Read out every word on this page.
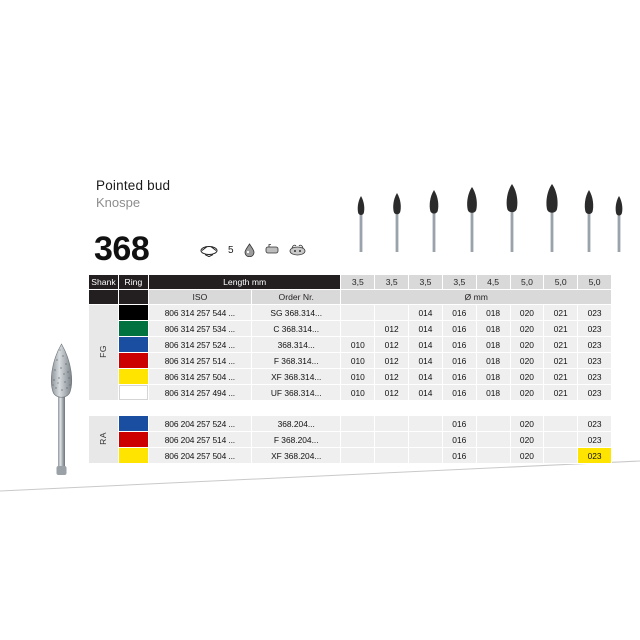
Pointed bud
Knospe
368	5
Shank	Ring	Length mm		3,5	3,5	3,5	3,5	4,5	5,0	5,0	5,0
		ISO	Order Nr.	Ø mm							
FG		806 314 257 544 ...	SG 368.314...			014	016	018	020	021	023

		806 314 257 534 ...	C 368.314...		012	014	016	018	020	021	023

		806 314 257 524 ...	368.314...	010	012	014	016	018	020	021	023

		806 314 257 514 ...	F 368.314...	010	012	014	016	018	020	021	023

		806 314 257 504 ...	XF 368.314...	010	012	014	016	018	020	021	023

		806 314 257 494 ...	UF 368.314...	010	012	014	016	018	020	021	023

RA		806 204 257 524 ...	368.204...				016		020		023

		806 204 257 514 ...	F 368.204...				016		020		023

		806 204 257 504 ...	XF 368.204...				016		020		023
